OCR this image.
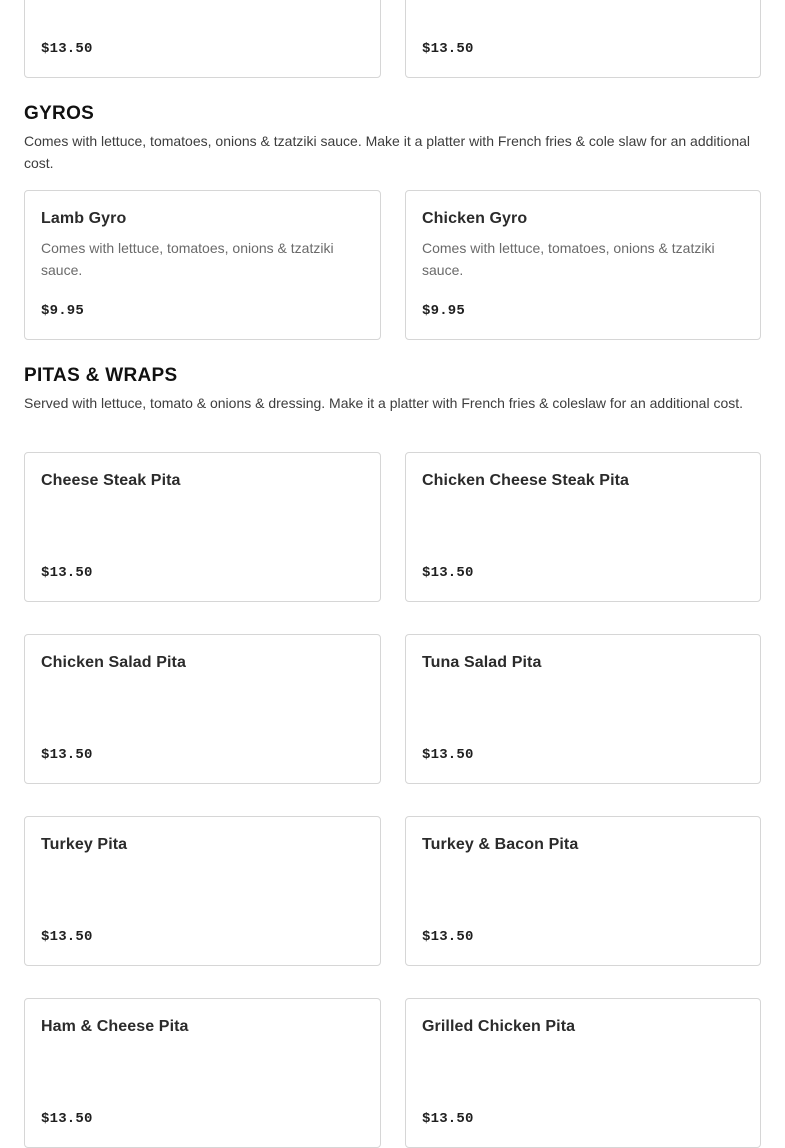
$13.50	$13.50
GYROS
Comes with lettuce, tomatoes, onions & tzatziki sauce. Make it a platter with French fries & cole slaw for an additional cost.
Lamb Gyro
Comes with lettuce, tomatoes, onions & tzatziki sauce.
$9.95
Chicken Gyro
Comes with lettuce, tomatoes, onions & tzatziki sauce.
$9.95
PITAS & WRAPS
Served with lettuce, tomato & onions & dressing. Make it a platter with French fries & coleslaw for an additional cost.
Cheese Steak Pita
$13.50
Chicken Cheese Steak Pita
$13.50
Chicken Salad Pita
$13.50
Tuna Salad Pita
$13.50
Turkey Pita
$13.50
Turkey & Bacon Pita
$13.50
Ham & Cheese Pita
$13.50
Grilled Chicken Pita
$13.50
